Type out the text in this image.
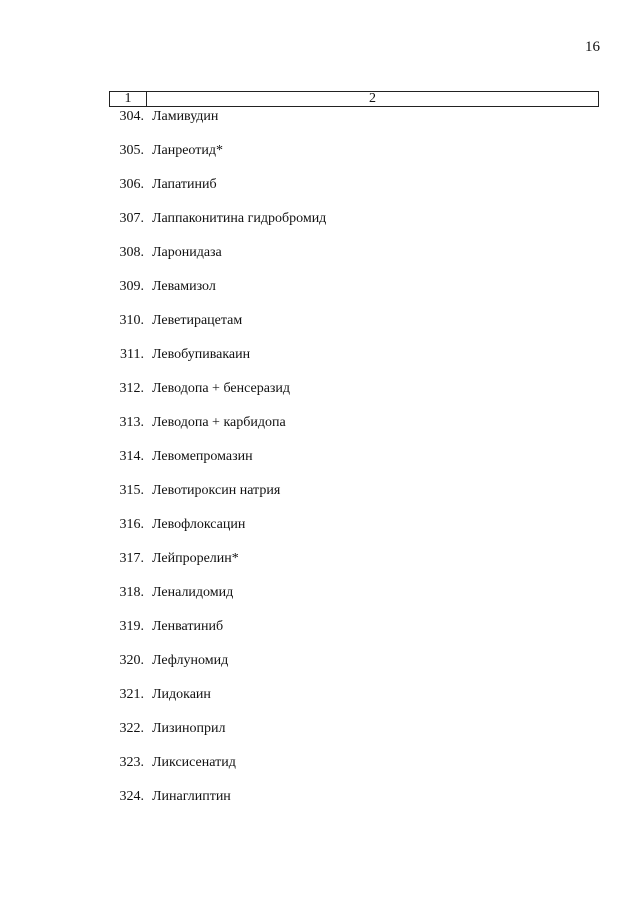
16
1	2
304. Ламивудин
305. Ланреотид*
306. Лапатиниб
307. Лаппаконитина гидробромид
308. Ларонидаза
309. Левамизол
310. Леветирацетам
311. Левобупивакаин
312. Леводопа + бенсеразид
313. Леводопа + карбидопа
314. Левомепромазин
315. Левотироксин натрия
316. Левофлоксацин
317. Лейпрорелин*
318. Леналидомид
319. Ленватиниб
320. Лефлуномид
321. Лидокаин
322. Лизиноприл
323. Ликсисенатид
324. Линаглиптин
